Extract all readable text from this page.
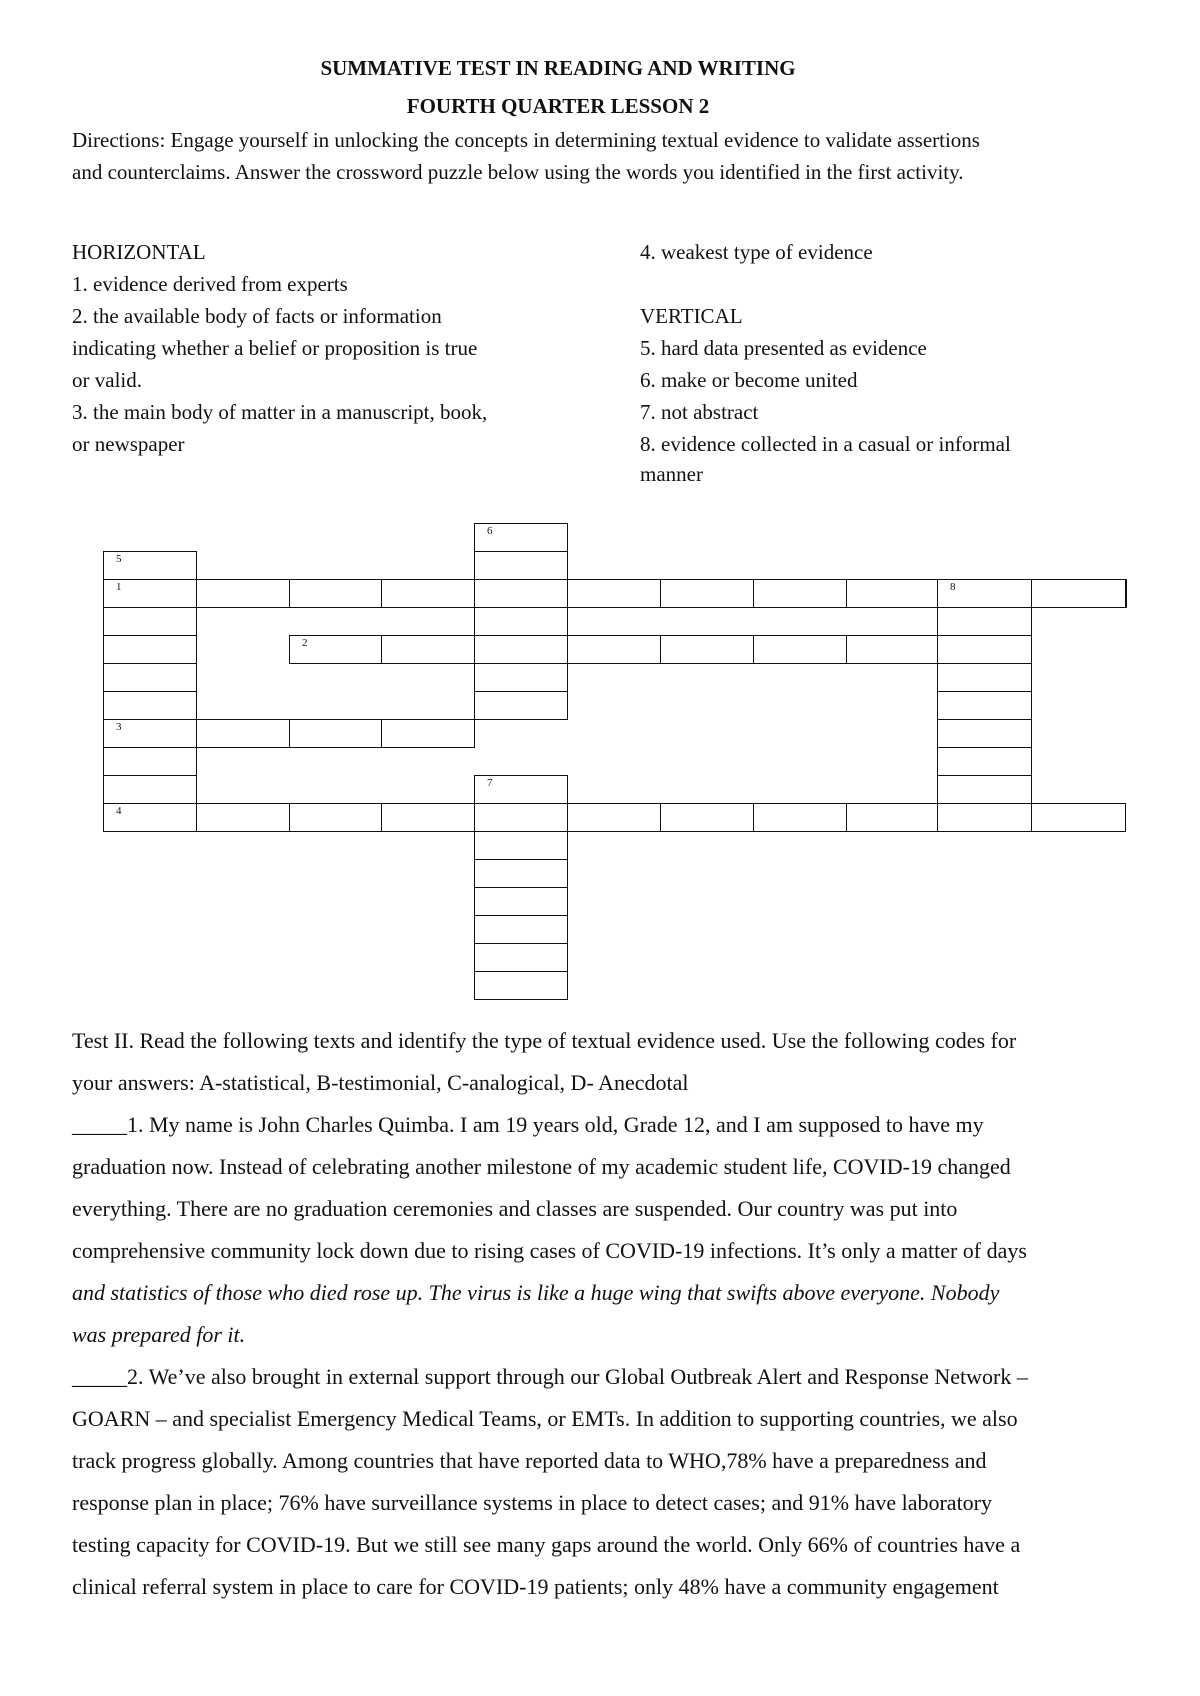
SUMMATIVE TEST IN READING AND WRITING
FOURTH QUARTER LESSON 2
Directions: Engage yourself in unlocking the concepts in determining textual evidence to validate assertions
and counterclaims. Answer the crossword puzzle below using the words you identified in the first activity.
HORIZONTAL
1. evidence derived from experts
2. the available body of facts or information
indicating whether a belief or proposition is true
or valid.
3. the main body of matter in a manuscript, book,
or newspaper
4. weakest type of evidence
VERTICAL
5. hard data presented as evidence
6. make or become united
7. not abstract
8. evidence collected in a casual or informal
manner
5
1
6
8
2
3
7
4
Test II. Read the following texts and identify the type of textual evidence used. Use the following codes for
your answers: A-statistical, B-testimonial, C-analogical, D- Anecdotal
_____1. My name is John Charles Quimba. I am 19 years old, Grade 12, and I am supposed to have my
graduation now. Instead of celebrating another milestone of my academic student life, COVID-19 changed
everything. There are no graduation ceremonies and classes are suspended. Our country was put into
comprehensive community lock down due to rising cases of COVID-19 infections. It’s only a matter of days
and statistics of those who died rose up. The virus is like a huge wing that swifts above everyone. Nobody
was prepared for it.
_____2. We’ve also brought in external support through our Global Outbreak Alert and Response Network –
GOARN – and specialist Emergency Medical Teams, or EMTs. In addition to supporting countries, we also
track progress globally. Among countries that have reported data to WHO,78% have a preparedness and
response plan in place; 76% have surveillance systems in place to detect cases; and 91% have laboratory
testing capacity for COVID-19. But we still see many gaps around the world. Only 66% of countries have a
clinical referral system in place to care for COVID-19 patients; only 48% have a community engagement
